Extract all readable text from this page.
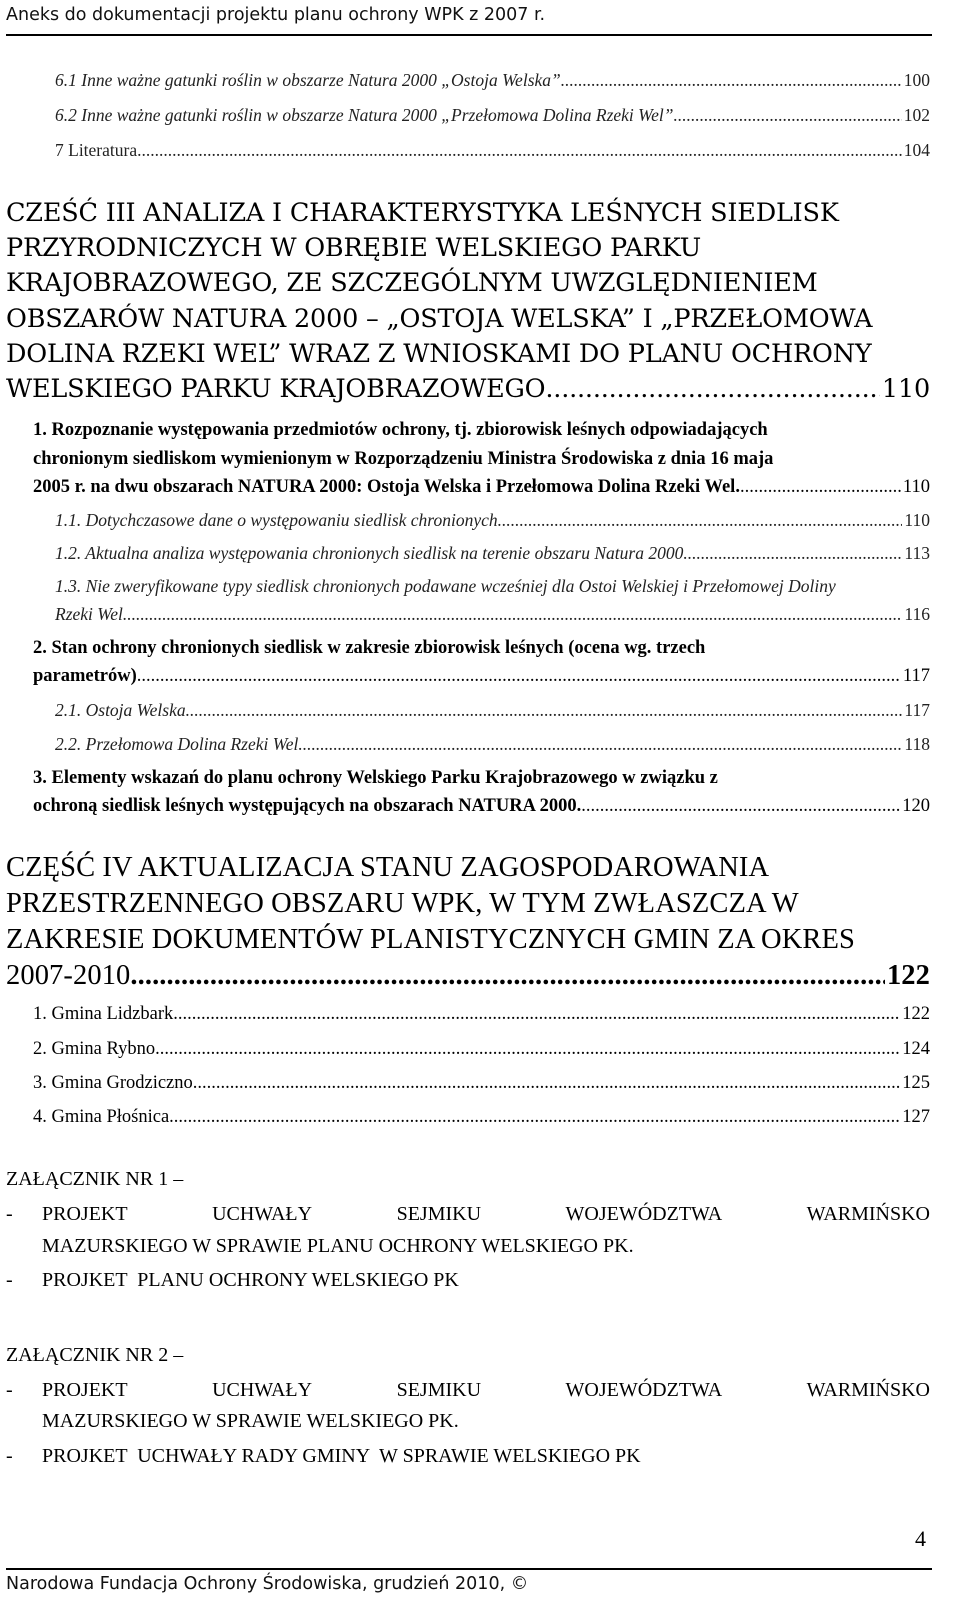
Aneks do dokumentacji projektu planu ochrony WPK z 2007 r.
6.1 Inne ważne gatunki roślin w obszarze Natura 2000 „Ostoja Welska” .....	100
6.2 Inne ważne gatunki roślin w obszarze Natura 2000 „Przełomowa Dolina Rzeki Wel” .....	102
7 Literatura .....	104
CZEŚĆ III ANALIZA I CHARAKTERYSTYKA LEŚNYCH SIEDLISK
PRZYRODNICZYCH W OBRĘBIE WELSKIEGO PARKU
KRAJOBRAZOWEGO, ZE SZCZEGÓLNYM UWZGLĘDNIENIEM
OBSZARÓW NATURA 2000 – „OSTOJA WELSKA” I „PRZEŁOMOWA
DOLINA RZEKI WEL” WRAZ Z WNIOSKAMI DO PLANU OCHRONY
WELSKIEGO PARKU KRAJOBRAZOWEGO .....	110
1. Rozpoznanie występowania przedmiotów ochrony, tj. zbiorowisk leśnych odpowiadających
chronionym siedliskom wymienionym w Rozporządzeniu Ministra Środowiska z dnia 16 maja
2005 r. na dwu obszarach NATURA 2000: Ostoja Welska i Przełomowa Dolina Rzeki Wel. .....	110
1.1. Dotychczasowe dane o występowaniu siedlisk chronionych .....	110
1.2. Aktualna analiza występowania chronionych siedlisk na terenie obszaru Natura 2000 .....	113
1.3. Nie zweryfikowane typy siedlisk chronionych podawane wcześniej dla Ostoi Welskiej i Przełomowej Doliny
Rzeki Wel .....	116
2. Stan ochrony chronionych siedlisk w zakresie zbiorowisk leśnych (ocena wg. trzech
parametrów) .....	117
2.1. Ostoja Welska .....	117
2.2. Przełomowa Dolina Rzeki Wel .....	118
3. Elementy wskazań do planu ochrony Welskiego Parku Krajobrazowego w związku z
ochroną siedlisk leśnych występujących na obszarach NATURA 2000. .....	120
CZĘŚĆ IV AKTUALIZACJA STANU ZAGOSPODAROWANIA
PRZESTRZENNEGO OBSZARU WPK, W TYM ZWŁASZCZA W
ZAKRESIE DOKUMENTÓW PLANISTYCZNYCH GMIN ZA OKRES
2007-2010 .....	122
1. Gmina Lidzbark .....	122
2. Gmina Rybno .....	124
3. Gmina Grodziczno .....	125
4. Gmina Płośnica .....	127
ZAŁĄCZNIK NR 1 –
- PROJEKT	UCHWAŁY	SEJMIKU	WOJEWÓDZTWA	WARMIŃSKO
MAZURSKIEGO W SPRAWIE PLANU OCHRONY WELSKIEGO PK.
- PROJKET  PLANU OCHRONY WELSKIEGO PK
ZAŁĄCZNIK NR 2 –
- PROJEKT	UCHWAŁY	SEJMIKU	WOJEWÓDZTWA	WARMIŃSKO
MAZURSKIEGO W SPRAWIE WELSKIEGO PK.
- PROJKET  UCHWAŁY RADY GMINY  W SPRAWIE WELSKIEGO PK
4
Narodowa Fundacja Ochrony Środowiska, grudzień 2010, ©
